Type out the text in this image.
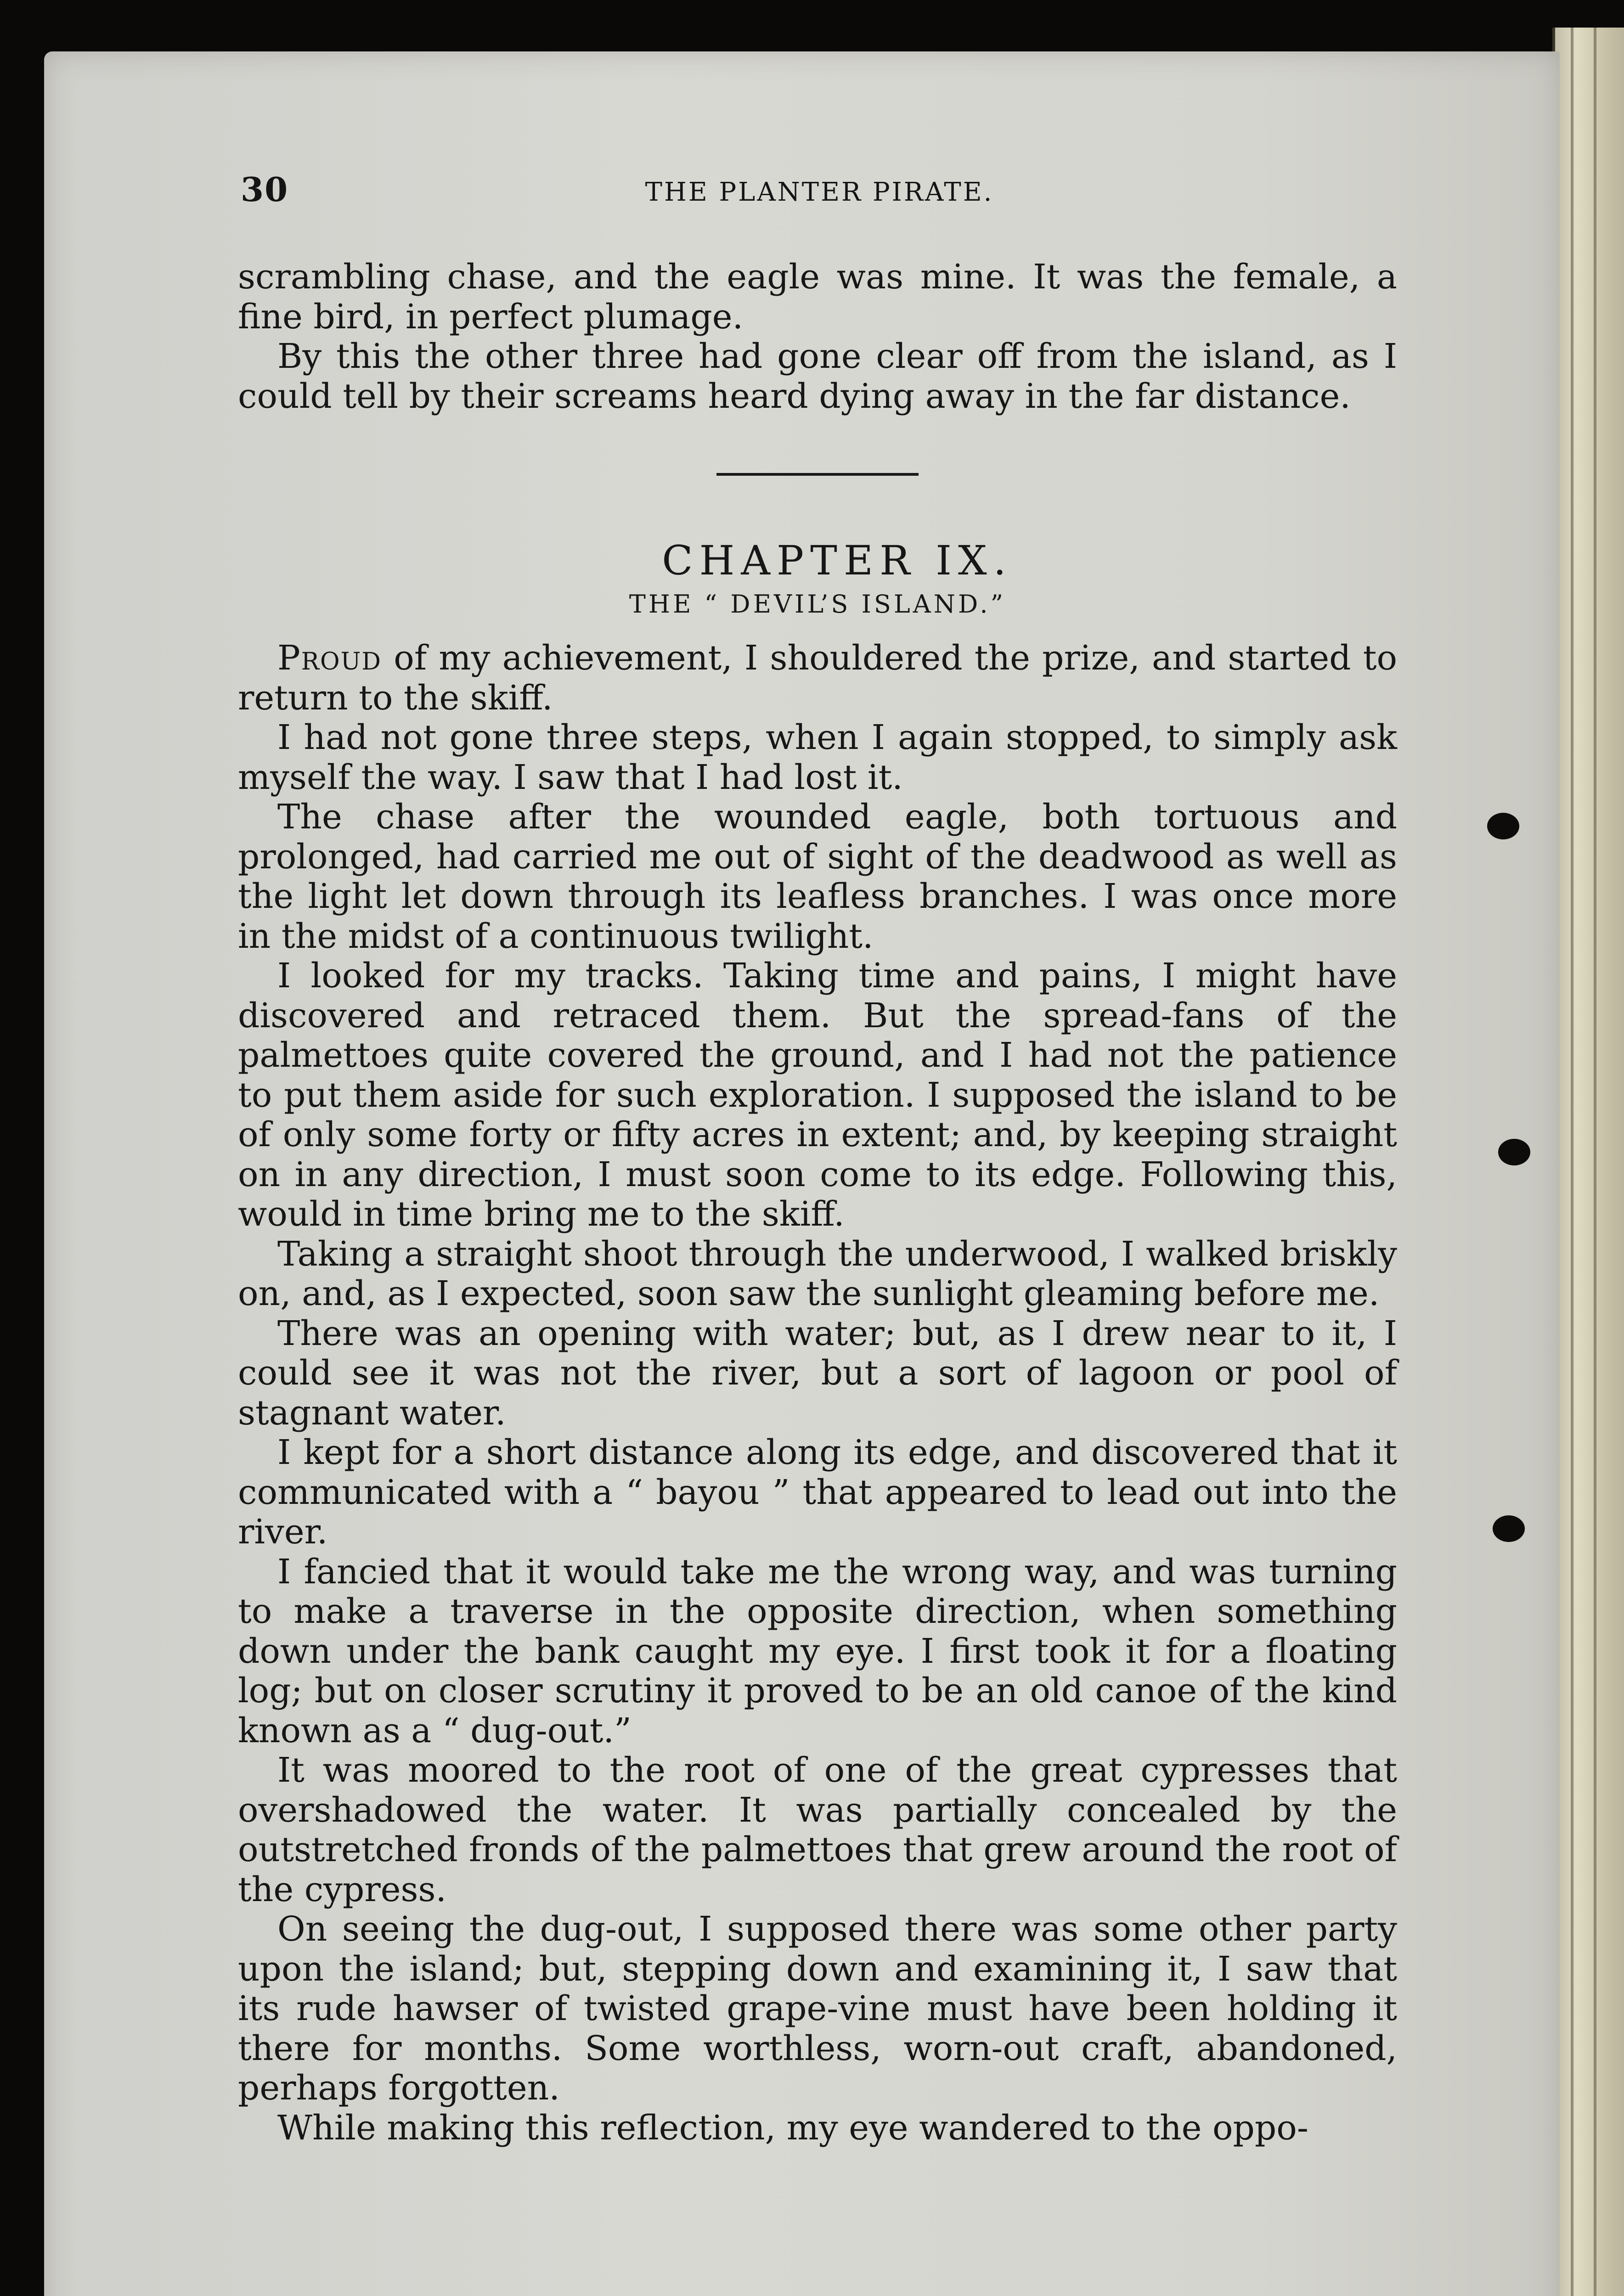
30	THE PLANTER PIRATE.

scrambling chase, and the eagle was mine. It was the female, a fine bird, in perfect plumage.

By this the other three had gone clear off from the island, as I could tell by their screams heard dying away in the far distance.

CHAPTER IX.

THE “ DEVIL’S ISLAND.”

Proud of my achievement, I shouldered the prize, and started to return to the skiff.

I had not gone three steps, when I again stopped, to simply ask myself the way. I saw that I had lost it.

The chase after the wounded eagle, both tortuous and prolonged, had carried me out of sight of the deadwood as well as the light let down through its leafless branches. I was once more in the midst of a continuous twilight.

I looked for my tracks. Taking time and pains, I might have discovered and retraced them. But the spread-fans of the palmettoes quite covered the ground, and I had not the patience to put them aside for such exploration. I supposed the island to be of only some forty or fifty acres in extent; and, by keeping straight on in any direction, I must soon come to its edge. Following this, would in time bring me to the skiff.

Taking a straight shoot through the underwood, I walked briskly on, and, as I expected, soon saw the sunlight gleaming before me.

There was an opening with water; but, as I drew near to it, I could see it was not the river, but a sort of lagoon or pool of stagnant water.

I kept for a short distance along its edge, and discovered that it communicated with a “ bayou ” that appeared to lead out into the river.

I fancied that it would take me the wrong way, and was turning to make a traverse in the opposite direction, when something down under the bank caught my eye. I first took it for a floating log; but on closer scrutiny it proved to be an old canoe of the kind known as a “ dug-out.”

It was moored to the root of one of the great cypresses that overshadowed the water. It was partially concealed by the outstretched fronds of the palmettoes that grew around the root of the cypress.

On seeing the dug-out, I supposed there was some other party upon the island; but, stepping down and examining it, I saw that its rude hawser of twisted grape-vine must have been holding it there for months. Some worthless, worn-out craft, abandoned, perhaps forgotten.

While making this reflection, my eye wandered to the oppo-
